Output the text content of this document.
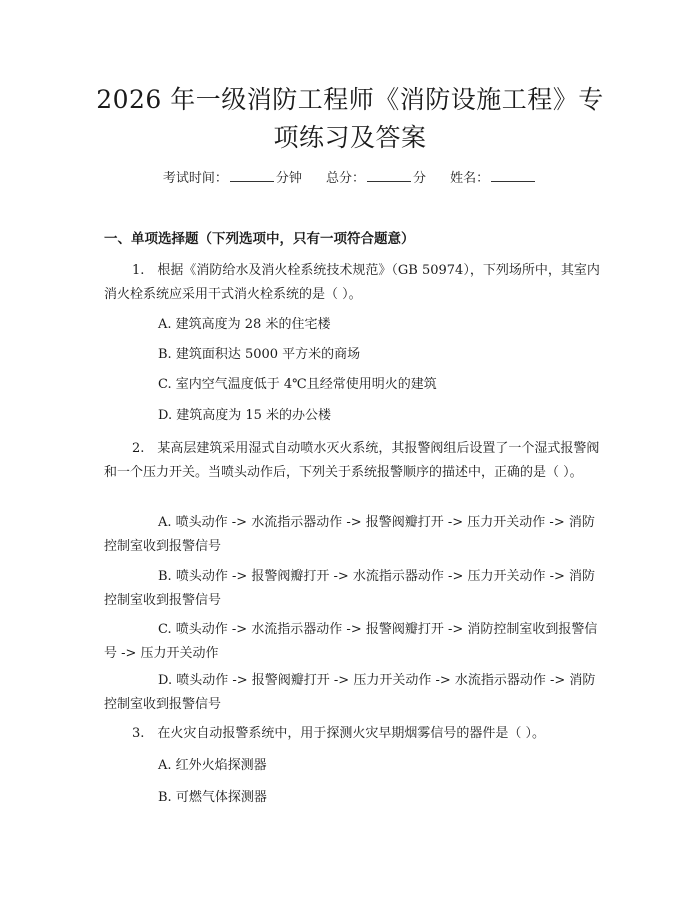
2026 年一级消防工程师《消防设施工程》专
项练习及答案
考试时间：	分钟 总分：	分 姓名：
一、单项选择题（下列选项中，只有一项符合题意）

1.　根据《消防给水及消火栓系统技术规范》（GB 50974），下列场所中，其室内消火栓系统应采用干式消火栓系统的是（ ）。

A. 建筑高度为 28 米的住宅楼

B. 建筑面积达 5000 平方米的商场

C. 室内空气温度低于 4℃且经常使用明火的建筑

D. 建筑高度为 15 米的办公楼

2.　某高层建筑采用湿式自动喷水灭火系统，其报警阀组后设置了一个湿式报警阀和一个压力开关。当喷头动作后，下列关于系统报警顺序的描述中，正确的是（ ）。

A. 喷头动作 -> 水流指示器动作 -> 报警阀瓣打开 -> 压力开关动作 -> 消防控制室收到报警信号

B. 喷头动作 -> 报警阀瓣打开 -> 水流指示器动作 -> 压力开关动作 -> 消防控制室收到报警信号

C. 喷头动作 -> 水流指示器动作 -> 报警阀瓣打开 -> 消防控制室收到报警信号 -> 压力开关动作

D. 喷头动作 -> 报警阀瓣打开 -> 压力开关动作 -> 水流指示器动作 -> 消防控制室收到报警信号

3.　在火灾自动报警系统中，用于探测火灾早期烟雾信号的器件是（ ）。

A. 红外火焰探测器

B. 可燃气体探测器
